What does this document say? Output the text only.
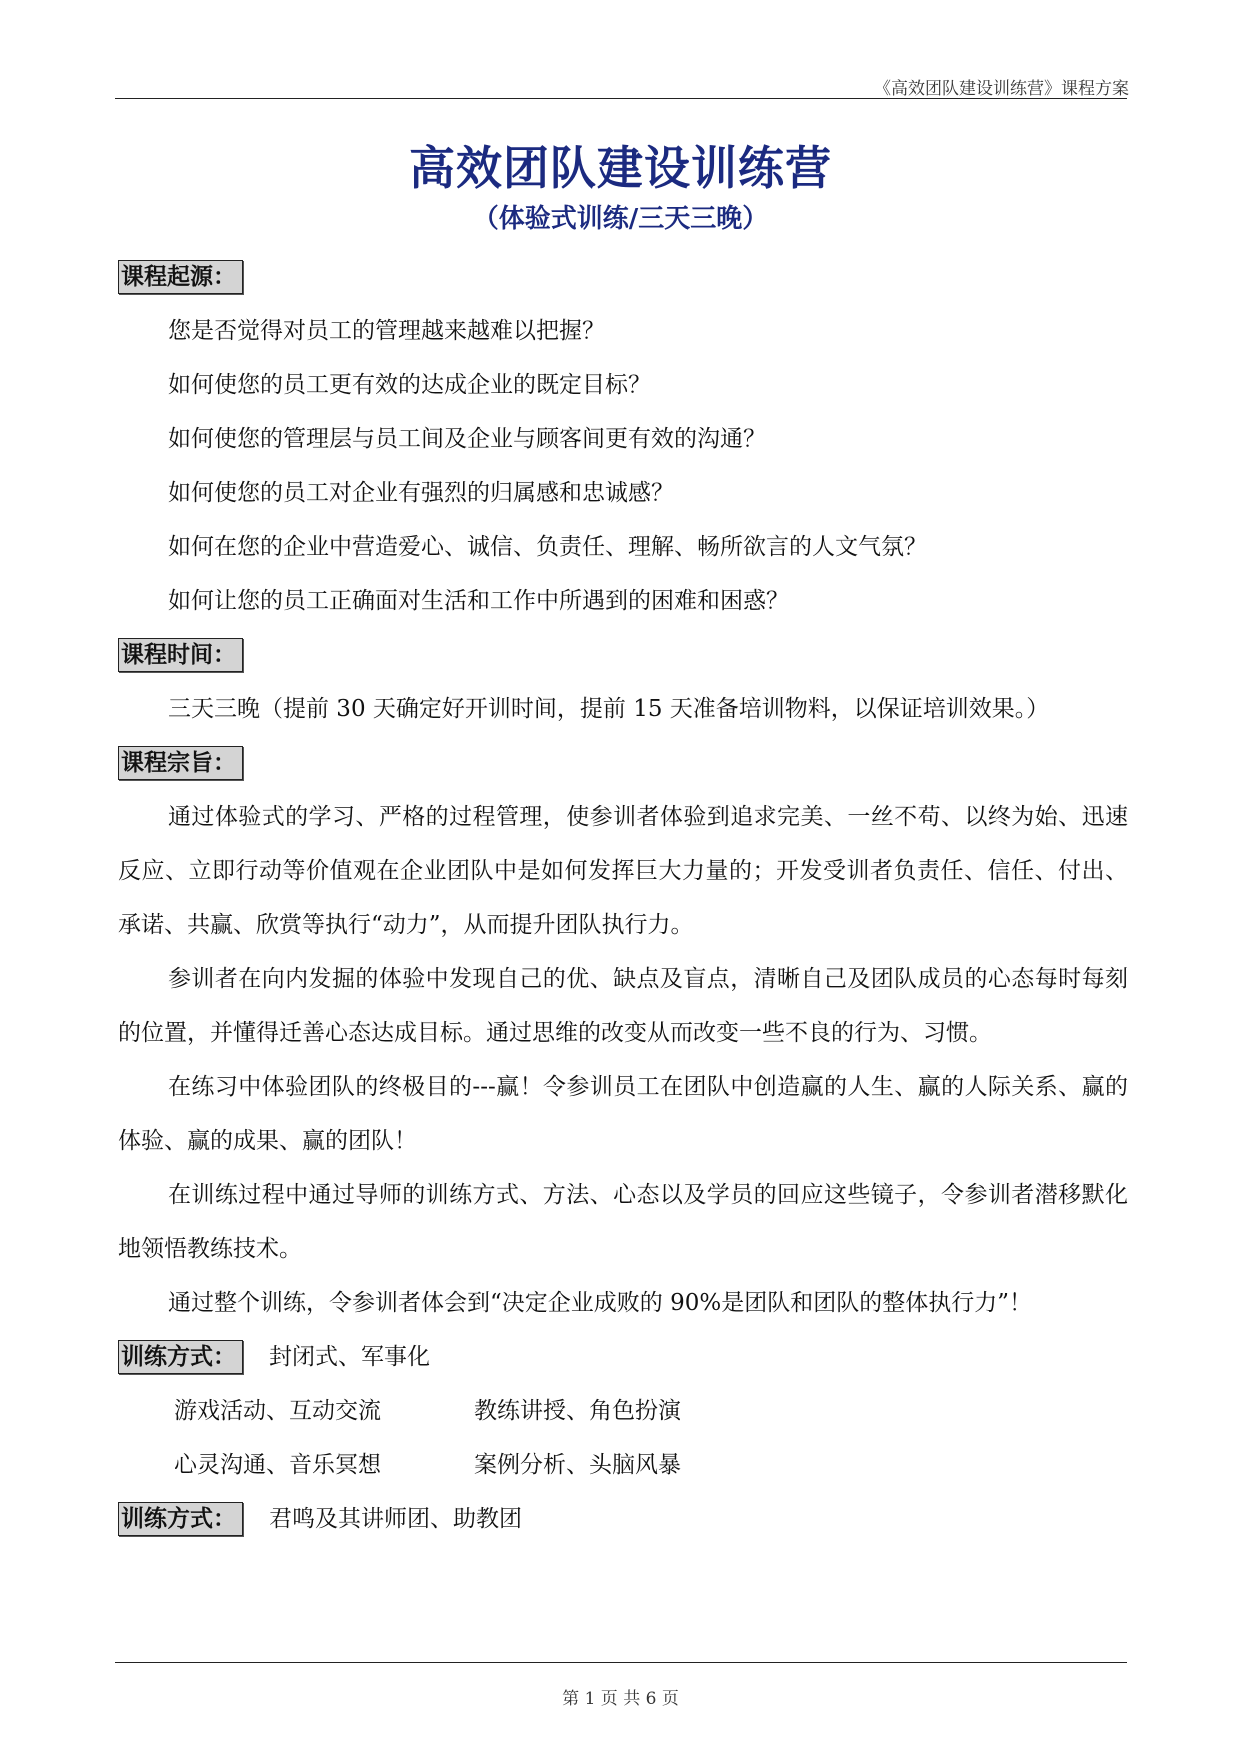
《高效团队建设训练营》课程方案
高效团队建设训练营
（体验式训练/三天三晚）
课程起源：

您是否觉得对员工的管理越来越难以把握？

如何使您的员工更有效的达成企业的既定目标？

如何使您的管理层与员工间及企业与顾客间更有效的沟通？

如何使您的员工对企业有强烈的归属感和忠诚感？

如何在您的企业中营造爱心、诚信、负责任、理解、畅所欲言的人文气氛？

如何让您的员工正确面对生活和工作中所遇到的困难和困惑？

课程时间：

三天三晚（提前 30 天确定好开训时间，提前 15 天准备培训物料，以保证培训效果。）

课程宗旨：

通过体验式的学习、严格的过程管理，使参训者体验到追求完美、一丝不苟、以终为始、迅速反应、立即行动等价值观在企业团队中是如何发挥巨大力量的；开发受训者负责任、信任、付出、承诺、共赢、欣赏等执行“动力”，从而提升团队执行力。

参训者在向内发掘的体验中发现自己的优、缺点及盲点，清晰自己及团队成员的心态每时每刻的位置，并懂得迁善心态达成目标。通过思维的改变从而改变一些不良的行为、习惯。

在练习中体验团队的终极目的---赢！令参训员工在团队中创造赢的人生、赢的人际关系、赢的体验、赢的成果、赢的团队！

在训练过程中通过导师的训练方式、方法、心态以及学员的回应这些镜子，令参训者潜移默化地领悟教练技术。

通过整个训练，令参训者体会到“决定企业成败的 90%是团队和团队的整体执行力”！

训练方式：	封闭式、军事化
游戏活动、互动交流	教练讲授、角色扮演
心灵沟通、音乐冥想	案例分析、头脑风暴
训练方式：	君鸣及其讲师团、助教团
第 1 页 共 6 页
